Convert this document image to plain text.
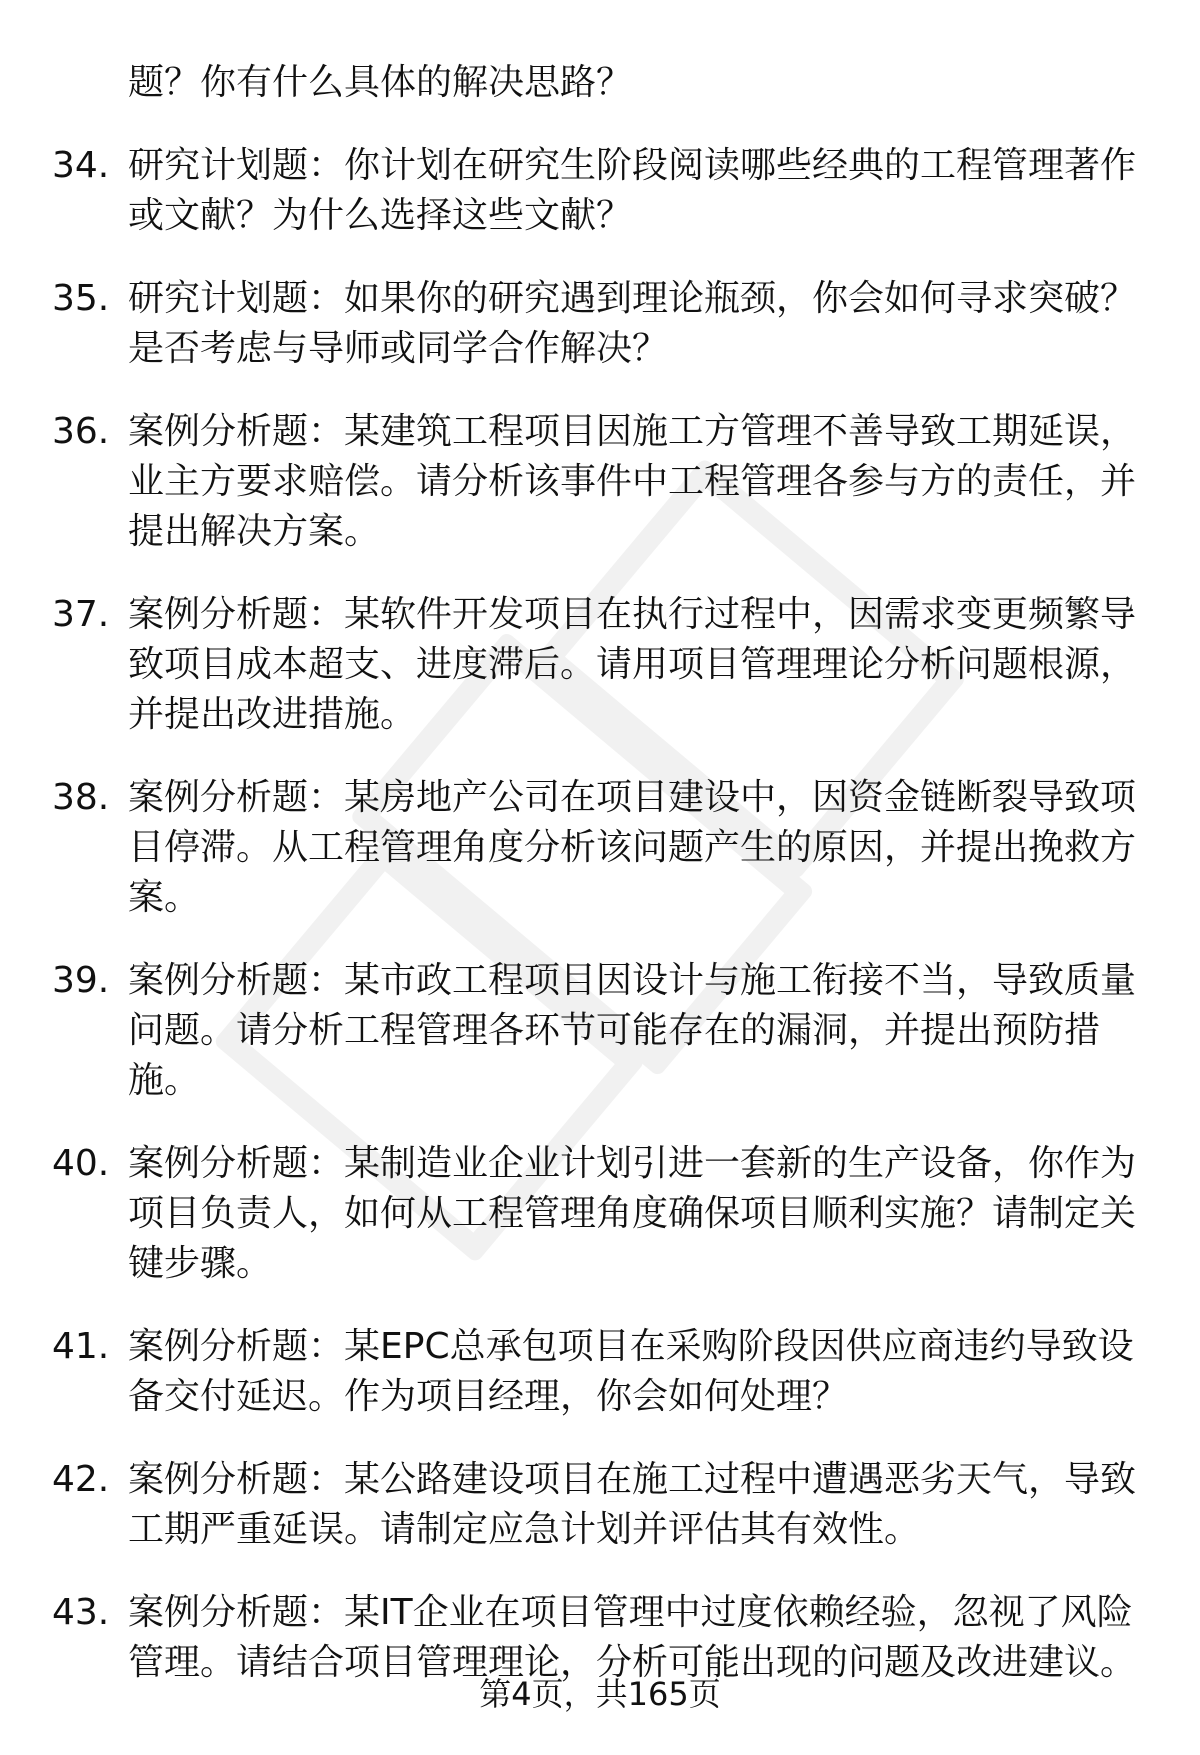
题？你有什么具体的解决思路？
34. 研究计划题：你计划在研究生阶段阅读哪些经典的工程管理著作
或文献？为什么选择这些文献？
35. 研究计划题：如果你的研究遇到理论瓶颈，你会如何寻求突破？
是否考虑与导师或同学合作解决？
36. 案例分析题：某建筑工程项目因施工方管理不善导致工期延误，
业主方要求赔偿。请分析该事件中工程管理各参与方的责任，并
提出解决方案。
37. 案例分析题：某软件开发项目在执行过程中，因需求变更频繁导
致项目成本超支、进度滞后。请用项目管理理论分析问题根源，
并提出改进措施。
38. 案例分析题：某房地产公司在项目建设中，因资金链断裂导致项
目停滞。从工程管理角度分析该问题产生的原因，并提出挽救方
案。
39. 案例分析题：某市政工程项目因设计与施工衔接不当，导致质量
问题。请分析工程管理各环节可能存在的漏洞，并提出预防措
施。
40. 案例分析题：某制造业企业计划引进一套新的生产设备，你作为
项目负责人，如何从工程管理角度确保项目顺利实施？请制定关
键步骤。
41. 案例分析题：某EPC总承包项目在采购阶段因供应商违约导致设
备交付延迟。作为项目经理，你会如何处理？
42. 案例分析题：某公路建设项目在施工过程中遭遇恶劣天气，导致
工期严重延误。请制定应急计划并评估其有效性。
43. 案例分析题：某IT企业在项目管理中过度依赖经验，忽视了风险
管理。请结合项目管理理论，分析可能出现的问题及改进建议。
第4页，共165页
